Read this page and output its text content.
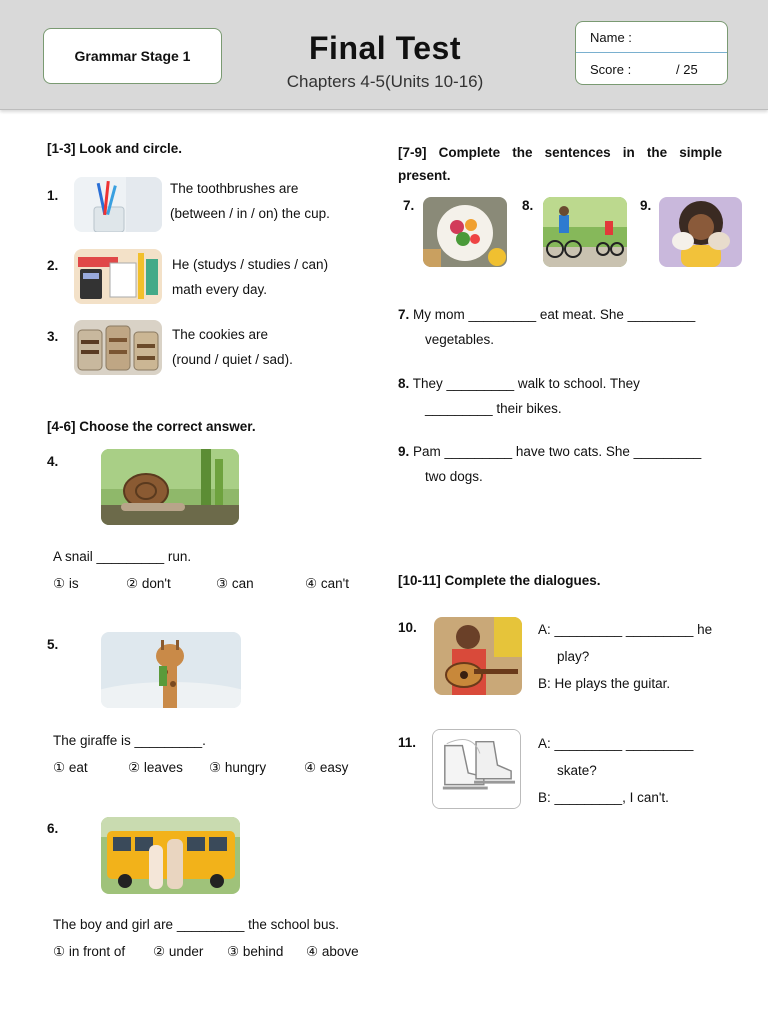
Grammar Stage 1	Final Test
Chapters 4-5(Units 10-16)
Name :
Score :	/ 25
[1-3] Look and circle.
1.	The toothbrushes are
(between / in / on) the cup.
2.	He (studys / studies / can)
math every day.
3.	The cookies are
(round / quiet / sad).
[4-6] Choose the correct answer.
4.
A snail _________ run.
① is	② don't	③ can	④ can't
5.
The giraffe is _________.
① eat	② leaves ③ hungry	④ easy
6.
The boy and girl are _________ the school bus.
① in front of ② under ③ behind ④ above
[7-9] Complete the sentences in the simple
present.
7.	8.	9.
7. My mom _________ eat meat. She _________
vegetables.
8. They _________ walk to school. They
_________ their bikes.
9. Pam _________ have two cats. She _________
two dogs.
[10-11] Complete the dialogues.
10.	A: _________ _________ he
play?
B: He plays the guitar.
11.	A: _________ _________
skate?
B: _________, I can't.
